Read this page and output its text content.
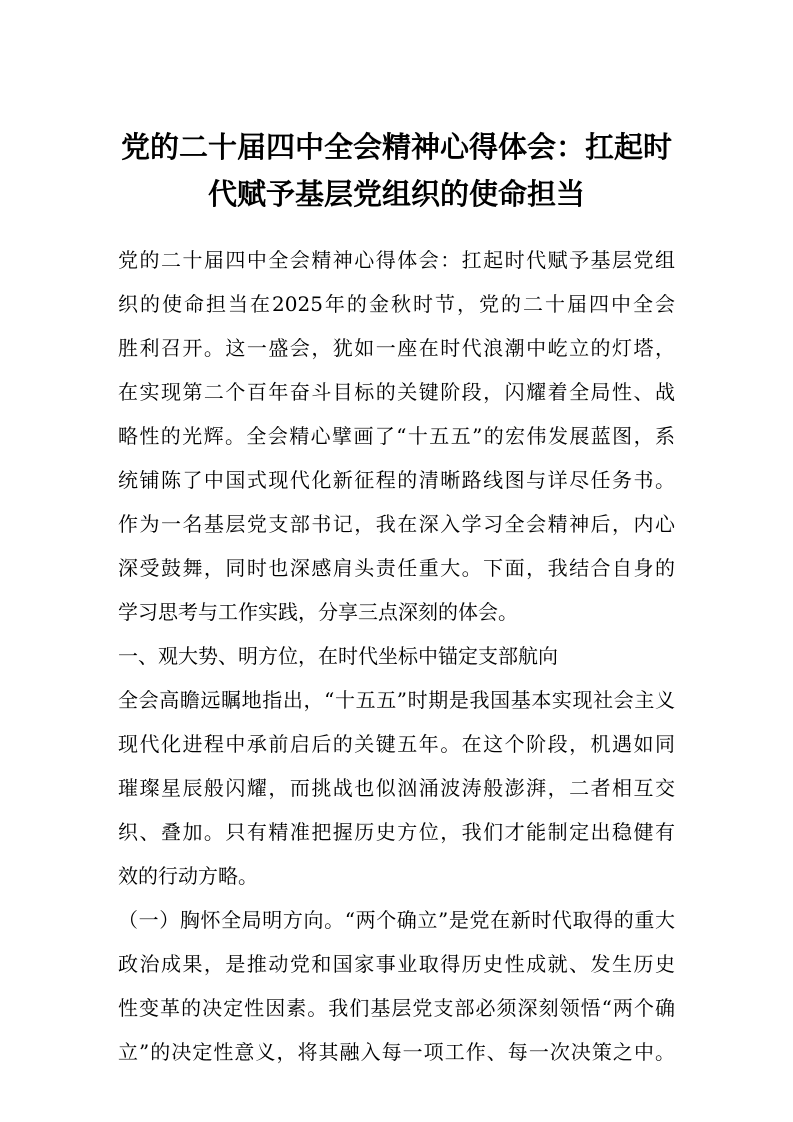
党的二十届四中全会精神心得体会：扛起时
代赋予基层党组织的使命担当
党的二十届四中全会精神心得体会：扛起时代赋予基层党组
织的使命担当在2025年的金秋时节，党的二十届四中全会
胜利召开。这一盛会，犹如一座在时代浪潮中屹立的灯塔，
在实现第二个百年奋斗目标的关键阶段，闪耀着全局性、战
略性的光辉。全会精心擘画了“十五五”的宏伟发展蓝图，系
统铺陈了中国式现代化新征程的清晰路线图与详尽任务书。
作为一名基层党支部书记，我在深入学习全会精神后，内心
深受鼓舞，同时也深感肩头责任重大。下面，我结合自身的
学习思考与工作实践，分享三点深刻的体会。
一、观大势、明方位，在时代坐标中锚定支部航向
全会高瞻远瞩地指出，“十五五”时期是我国基本实现社会主义
现代化进程中承前启后的关键五年。在这个阶段，机遇如同
璀璨星辰般闪耀，而挑战也似汹涌波涛般澎湃，二者相互交
织、叠加。只有精准把握历史方位，我们才能制定出稳健有
效的行动方略。
（一）胸怀全局明方向。“两个确立”是党在新时代取得的重大
政治成果，是推动党和国家事业取得历史性成就、发生历史
性变革的决定性因素。我们基层党支部必须深刻领悟“两个确
立”的决定性意义，将其融入每一项工作、每一次决策之中。
